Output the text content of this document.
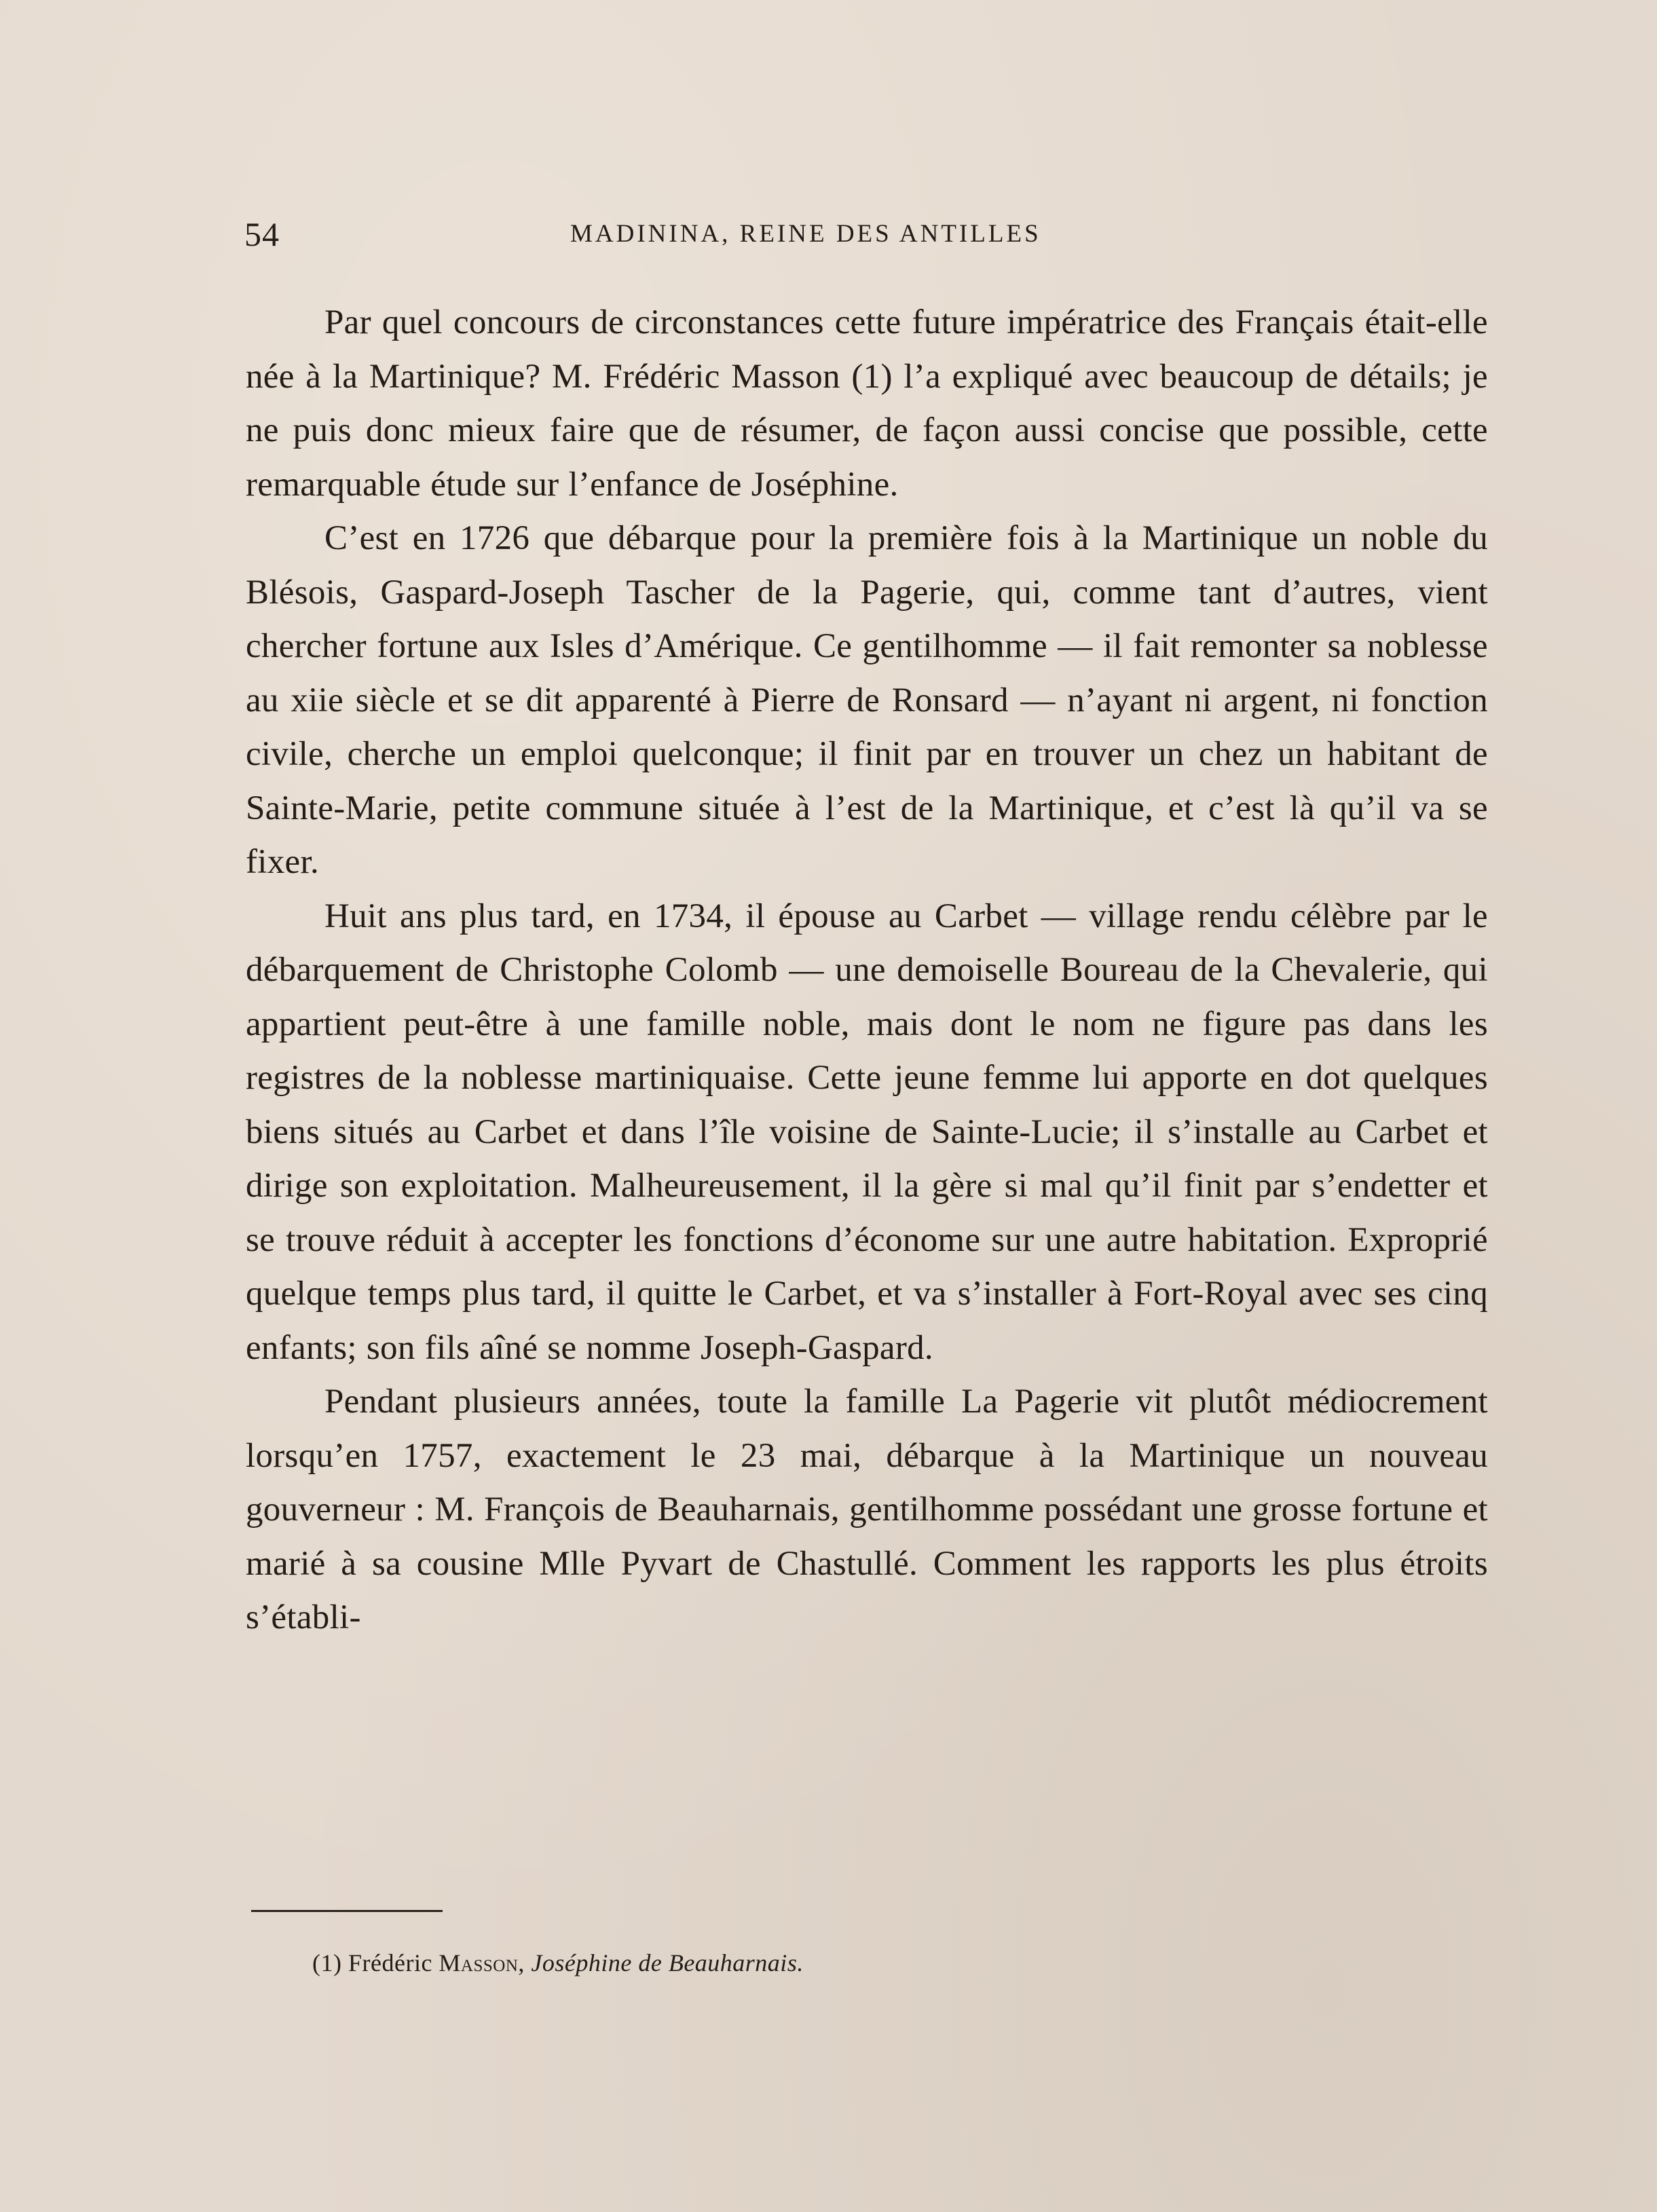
54	MADININA, REINE DES ANTILLES

Par quel concours de circonstances cette future impératrice des Français était-elle née à la Martinique? M. Frédéric Masson (1) l’a expliqué avec beaucoup de détails; je ne puis donc mieux faire que de résumer, de façon aussi concise que possible, cette remarquable étude sur l’enfance de Joséphine.

C’est en 1726 que débarque pour la première fois à la Martinique un noble du Blésois, Gaspard-Joseph Tascher de la Pagerie, qui, comme tant d’autres, vient chercher fortune aux Isles d’Amérique. Ce gentilhomme — il fait remonter sa noblesse au xiie siècle et se dit apparenté à Pierre de Ronsard — n’ayant ni argent, ni fonction civile, cherche un emploi quelconque; il finit par en trouver un chez un habitant de Sainte-Marie, petite commune située à l’est de la Martinique, et c’est là qu’il va se fixer.

Huit ans plus tard, en 1734, il épouse au Carbet — village rendu célèbre par le débarquement de Christophe Colomb — une demoiselle Boureau de la Chevalerie, qui appartient peut-être à une famille noble, mais dont le nom ne figure pas dans les registres de la noblesse martiniquaise. Cette jeune femme lui apporte en dot quelques biens situés au Carbet et dans l’île voisine de Sainte-Lucie; il s’installe au Carbet et dirige son exploitation. Malheureusement, il la gère si mal qu’il finit par s’endetter et se trouve réduit à accepter les fonctions d’économe sur une autre habitation. Exproprié quelque temps plus tard, il quitte le Carbet, et va s’installer à Fort-Royal avec ses cinq enfants; son fils aîné se nomme Joseph-Gaspard.

Pendant plusieurs années, toute la famille La Pagerie vit plutôt médiocrement lorsqu’en 1757, exactement le 23 mai, débarque à la Martinique un nouveau gouverneur : M. François de Beauharnais, gentilhomme possédant une grosse fortune et marié à sa cousine Mlle Pyvart de Chastullé. Comment les rapports les plus étroits s’établi-

(1) Frédéric Masson, Joséphine de Beauharnais.
